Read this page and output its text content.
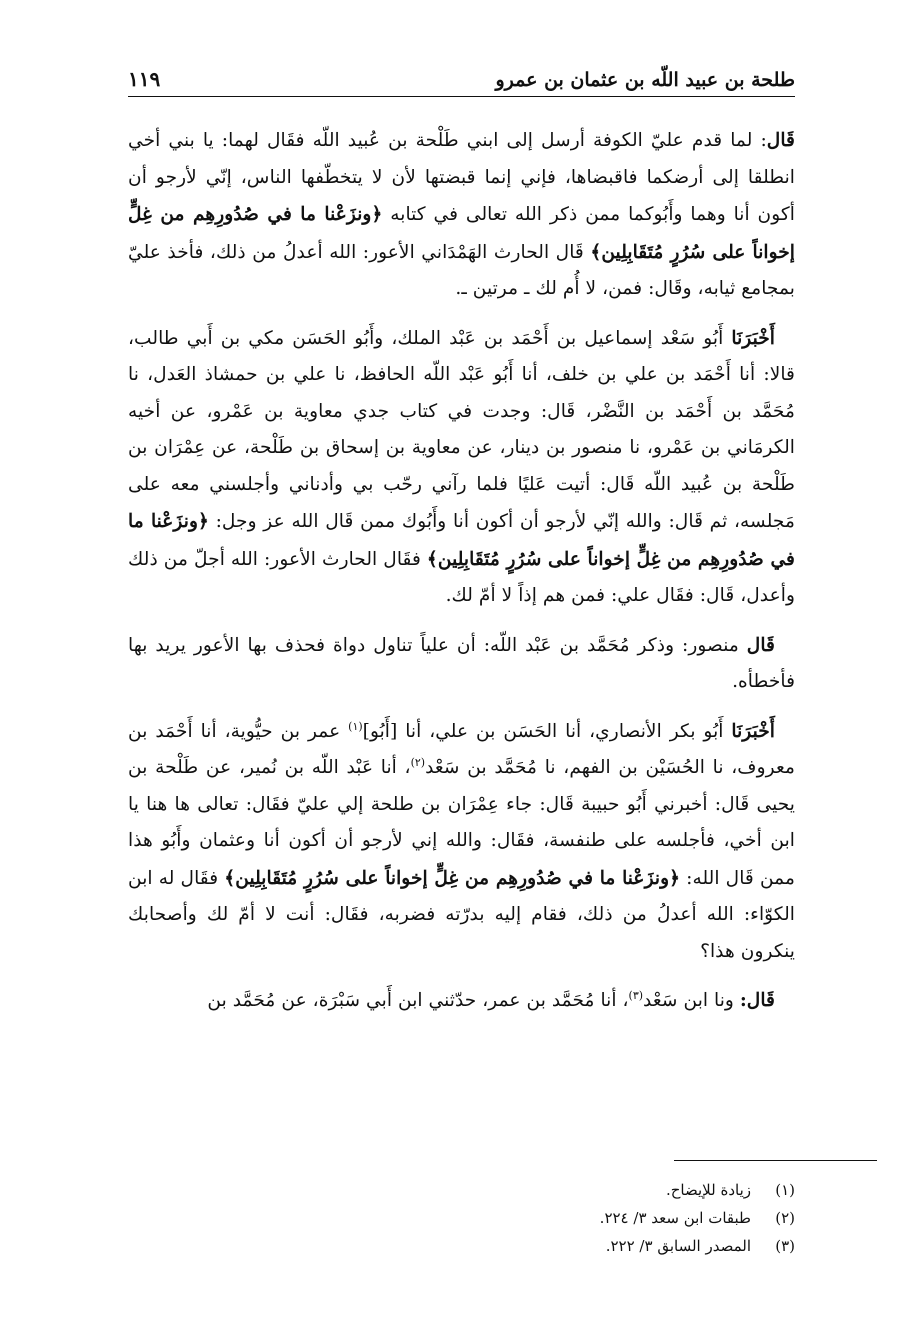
طلحة بن عبيد اللّه بن عثمان بن عمرو
١١٩

قَال: لما قدم عليّ الكوفة أرسل إلى ابني طَلْحة بن عُبيد اللّه فقَال لهما: يا بني أخي انطلقا إلى أرضكما فاقبضاها، فإني إنما قبضتها لأن لا يتخطّفها الناس، إنّي لأرجو أن أكون أنا وهما وأَبُوكما ممن ذكر الله تعالى في كتابه ﴿ونزَعْنا ما في صُدُورِهِم من غِلٍّ إخواناً على سُرُرٍ مُتَقَابِلِين﴾ قَال الحارث الهَمْدَاني الأعور: الله أعدلُ من ذلك، فأخذ عليّ بمجامع ثيابه، وقَال: فمن، لا أُم لك ـ مرتين ـ.

أَخْبَرَنَا أَبُو سَعْد إسماعيل بن أَحْمَد بن عَبْد الملك، وأَبُو الحَسَن مكي بن أَبي طالب، قالا: أنا أَحْمَد بن علي بن خلف، أنا أَبُو عَبْد اللّه الحافظ، نا علي بن حمشاذ العَدل، نا مُحَمَّد بن أَحْمَد بن النَّضْر، قَال: وجدت في كتاب جدي معاوية بن عَمْرو، عن أخيه الكرمَاني بن عَمْرو، نا منصور بن دينار، عن معاوية بن إسحاق بن طَلْحة، عن عِمْرَان بن طَلْحة بن عُبيد اللّه قَال: أتيت عَليًا فلما رآني رحّب بي وأدناني وأجلسني معه على مَجلسه، ثم قَال: والله إنّي لأرجو أن أكون أنا وأَبُوك ممن قَال الله عز وجل: ﴿ونزَعْنا ما في صُدُورِهِم من غِلٍّ إخواناً على سُرُرٍ مُتَقَابِلِين﴾ فقَال الحارث الأعور: الله أجلّ من ذلك وأعدل، قَال: فقَال علي: فمن هم إذاً لا أمّ لك.

قَال منصور: وذكر مُحَمَّد بن عَبْد اللّه: أن علياً تناول دواة فحذف بها الأعور يريد بها فأخطأه.

أَخْبَرَنَا أَبُو بكر الأنصاري، أنا الحَسَن بن علي، أنا [أَبُو]$^{(١)}$ عمر بن حيُّوية، أنا أَحْمَد بن معروف، نا الحُسَيْن بن الفهم، نا مُحَمَّد بن سَعْد$^{(٢)}$، أنا عَبْد اللّه بن نُمير، عن طَلْحة بن يحيى قَال: أخبرني أَبُو حبيبة قَال: جاء عِمْرَان بن طلحة إلي عليّ فقَال: تعالى ها هنا يا ابن أخي، فأجلسه على طنفسة، فقَال: والله إني لأرجو أن أكون أنا وعثمان وأَبُو هذا ممن قَال الله: ﴿ونزَعْنا ما في صُدُورِهِم من غِلٍّ إخواناً على سُرُرٍ مُتَقَابِلِين﴾ فقَال له ابن الكوّاء: الله أعدلُ من ذلك، فقام إليه بدرّته فضربه، فقَال: أنت لا أمّ لك وأصحابك ينكرون هذا؟

قَال: ونا ابن سَعْد$^{(٣)}$، أنا مُحَمَّد بن عمر، حدّثني ابن أَبي سَبْرَة، عن مُحَمَّد بن

(١)زيادة للإيضاح.

(٢)طبقات ابن سعد ٣/ ٢٢٤.

(٣)المصدر السابق ٣/ ٢٢٢.
